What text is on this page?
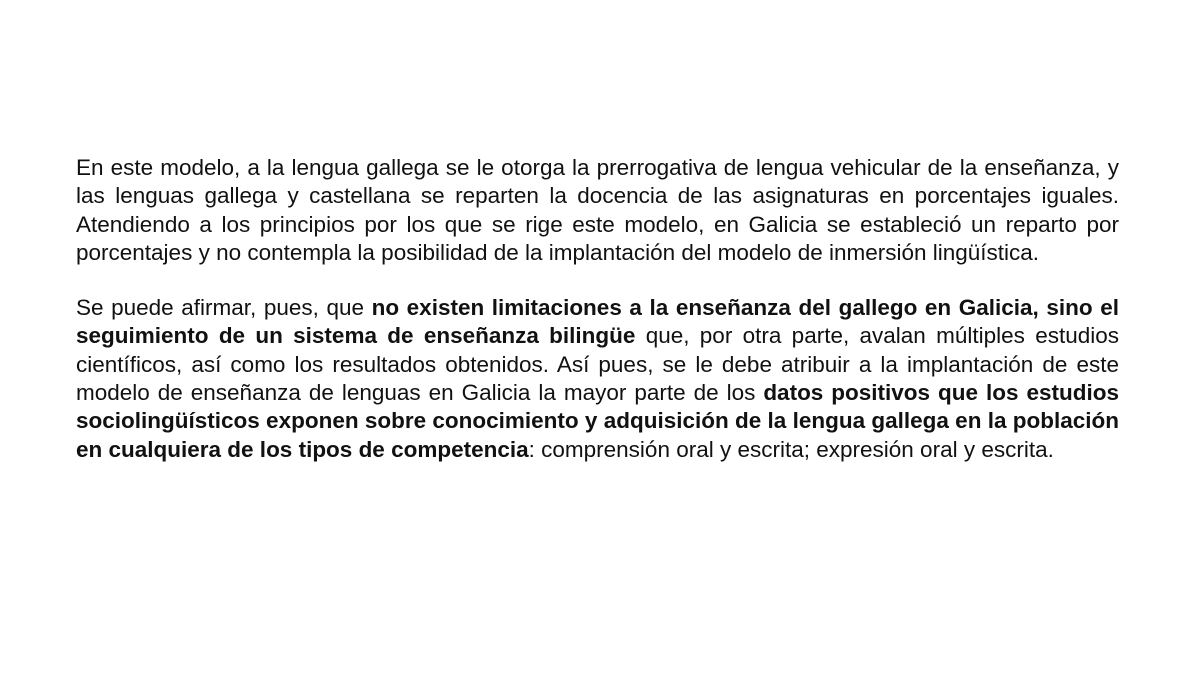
En este modelo, a la lengua gallega se le otorga la prerrogativa de lengua vehicular de la enseñanza, y las lenguas gallega y castellana se reparten la docencia de las asignaturas en porcentajes iguales. Atendiendo a los principios por los que se rige este modelo, en Galicia se estableció un reparto por porcentajes y no contempla la posibilidad de la implantación del modelo de inmersión lingüística.

Se puede afirmar, pues, que no existen limitaciones a la enseñanza del gallego en Galicia, sino el seguimiento de un sistema de enseñanza bilingüe que, por otra parte, avalan múltiples estudios científicos, así como los resultados obtenidos. Así pues, se le debe atribuir a la implantación de este modelo de enseñanza de lenguas en Galicia la mayor parte de los datos positivos que los estudios sociolingüísticos exponen sobre conocimiento y adquisición de la lengua gallega en la población en cualquiera de los tipos de competencia: comprensión oral y escrita; expresión oral y escrita.
